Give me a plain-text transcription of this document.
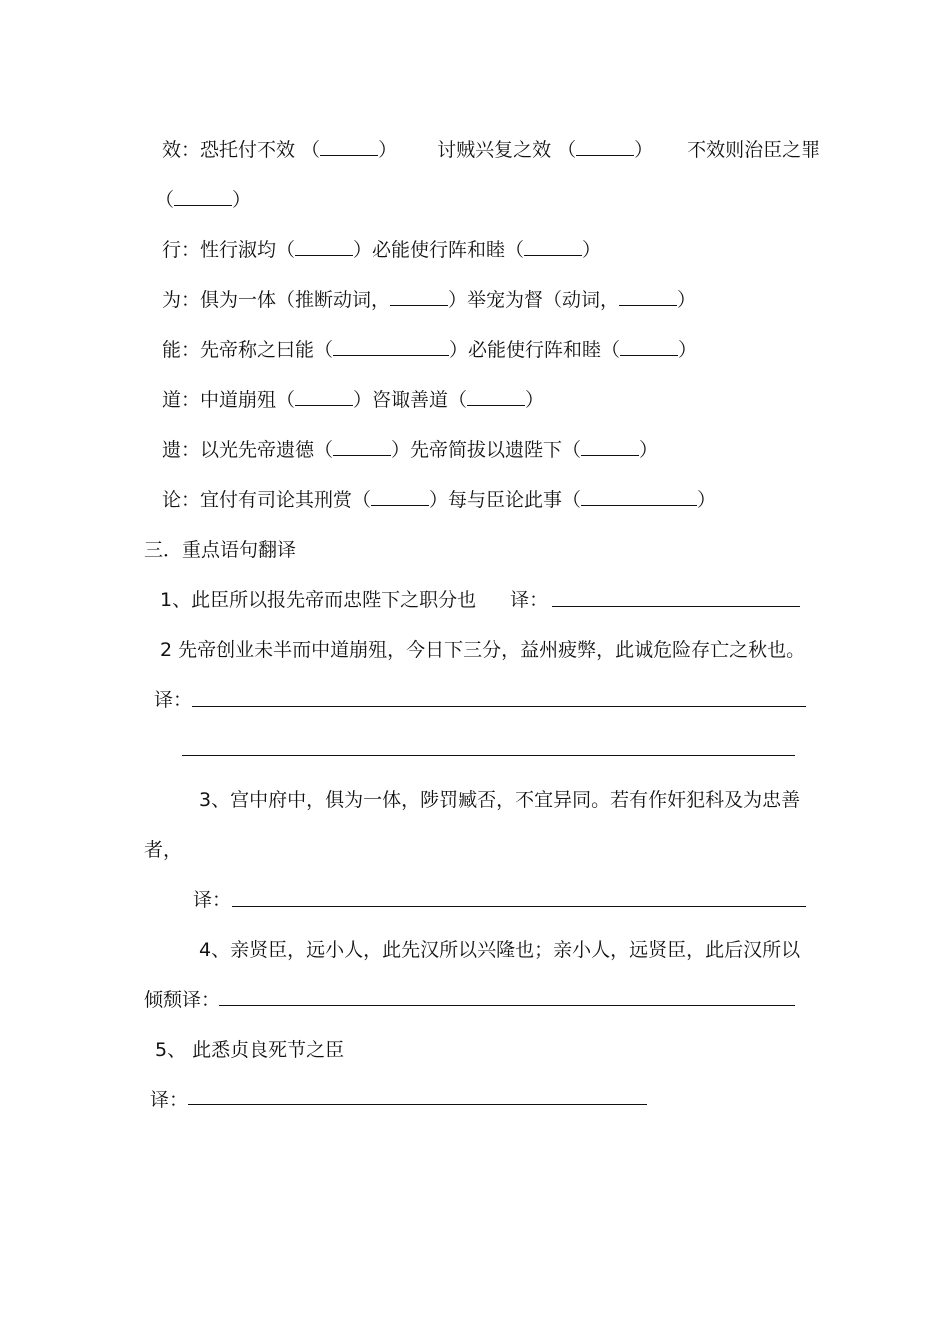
效：恐托付不效 （	） 讨贼兴复之效 （	） 不效则治臣之罪
（	）
行：性行淑均（	）必能使行阵和睦（	）
为：俱为一体（推断动词，	）举宠为督（动词，	）
能：先帝称之曰能（	）必能使行阵和睦（	）
道：中道崩殂（	）咨诹善道（	）
遗：以光先帝遗德（	）先帝简拔以遗陛下（	）
论：宜付有司论其刑赏（	）每与臣论此事（	）
三．重点语句翻译
1、此臣所以报先帝而忠陛下之职分也 译：
2 先帝创业未半而中道崩殂，今日下三分，益州疲弊，此诚危险存亡之秋也。
译：
3、宫中府中，俱为一体，陟罚臧否，不宜异同。若有作奸犯科及为忠善
者，
译：
4、亲贤臣，远小人，此先汉所以兴隆也；亲小人，远贤臣，此后汉所以
倾颓译：
5、 此悉贞良死节之臣
译：
